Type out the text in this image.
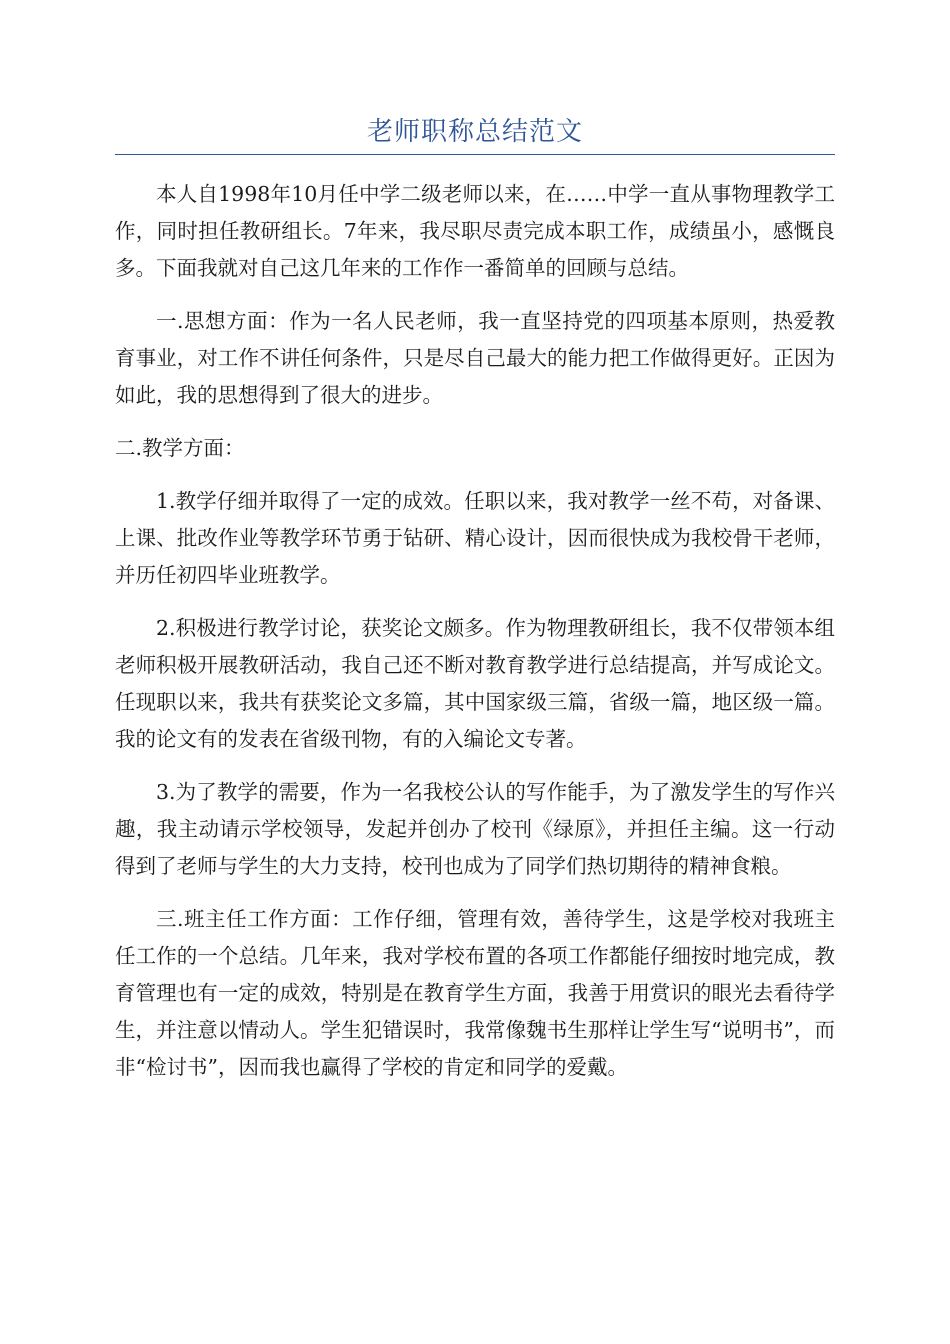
老师职称总结范文

本人自1998年10月任中学二级老师以来，在……中学一直从事物理教学工作，同时担任教研组长。7年来，我尽职尽责完成本职工作，成绩虽小，感慨良多。下面我就对自己这几年来的工作作一番简单的回顾与总结。

一.思想方面：作为一名人民老师，我一直坚持党的四项基本原则，热爱教育事业，对工作不讲任何条件，只是尽自己最大的能力把工作做得更好。正因为如此，我的思想得到了很大的进步。

二.教学方面：

1.教学仔细并取得了一定的成效。任职以来，我对教学一丝不苟，对备课、上课、批改作业等教学环节勇于钻研、精心设计，因而很快成为我校骨干老师，并历任初四毕业班教学。

2.积极进行教学讨论，获奖论文颇多。作为物理教研组长，我不仅带领本组老师积极开展教研活动，我自己还不断对教育教学进行总结提高，并写成论文。任现职以来，我共有获奖论文多篇，其中国家级三篇，省级一篇，地区级一篇。我的论文有的发表在省级刊物，有的入编论文专著。

3.为了教学的需要，作为一名我校公认的写作能手，为了激发学生的写作兴趣，我主动请示学校领导，发起并创办了校刊《绿原》，并担任主编。这一行动得到了老师与学生的大力支持，校刊也成为了同学们热切期待的精神食粮。

三.班主任工作方面：工作仔细，管理有效，善待学生，这是学校对我班主任工作的一个总结。几年来，我对学校布置的各项工作都能仔细按时地完成，教育管理也有一定的成效，特别是在教育学生方面，我善于用赏识的眼光去看待学生，并注意以情动人。学生犯错误时，我常像魏书生那样让学生写“说明书”，而非“检讨书”，因而我也赢得了学校的肯定和同学的爱戴。
